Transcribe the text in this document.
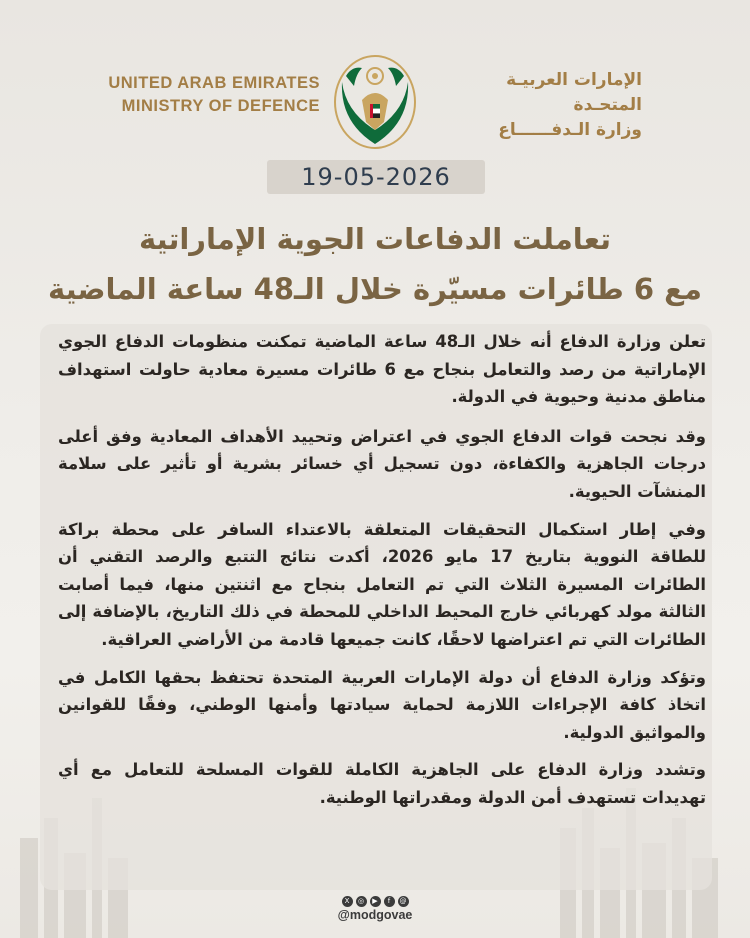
UNITED ARAB EMIRATES
MINISTRY OF DEFENCE
الإمارات العربيـة المتحـدة
وزارة الـدفــــــاع
19-05-2026
تعاملت الدفاعات الجوية الإماراتية
مع 6 طائرات مسيّرة خلال الـ48 ساعة الماضية

تعلن وزارة الدفاع أنه خلال الـ48 ساعة الماضية تمكنت منظومات الدفاع الجوي الإماراتية من رصد والتعامل بنجاح مع 6 طائرات مسيرة معادية حاولت استهداف مناطق مدنية وحيوية في الدولة.

وقد نجحت قوات الدفاع الجوي في اعتراض وتحييد الأهداف المعادية وفق أعلى درجات الجاهزية والكفاءة، دون تسجيل أي خسائر بشرية أو تأثير على سلامة المنشآت الحيوية.

وفي إطار استكمال التحقيقات المتعلقة بالاعتداء السافر على محطة براكة للطاقة النووية بتاريخ 17 مايو 2026، أكدت نتائج التتبع والرصد التقني أن الطائرات المسيرة الثلاث التي تم التعامل بنجاح مع اثنتين منها، فيما أصابت الثالثة مولد كهربائي خارج المحيط الداخلي للمحطة في ذلك التاريخ، بالإضافة إلى الطائرات التي تم اعتراضها لاحقًا، كانت جميعها قادمة من الأراضي العراقية.

وتؤكد وزارة الدفاع أن دولة الإمارات العربية المتحدة تحتفظ بحقها الكامل في اتخاذ كافة الإجراءات اللازمة لحماية سيادتها وأمنها الوطني، وفقًا للقوانين والمواثيق الدولية.

وتشدد وزارة الدفاع على الجاهزية الكاملة للقوات المسلحة للتعامل مع أي تهديدات تستهدف أمن الدولة ومقدراتها الوطنية.

X	◎	▶	f	@
@modgovae
